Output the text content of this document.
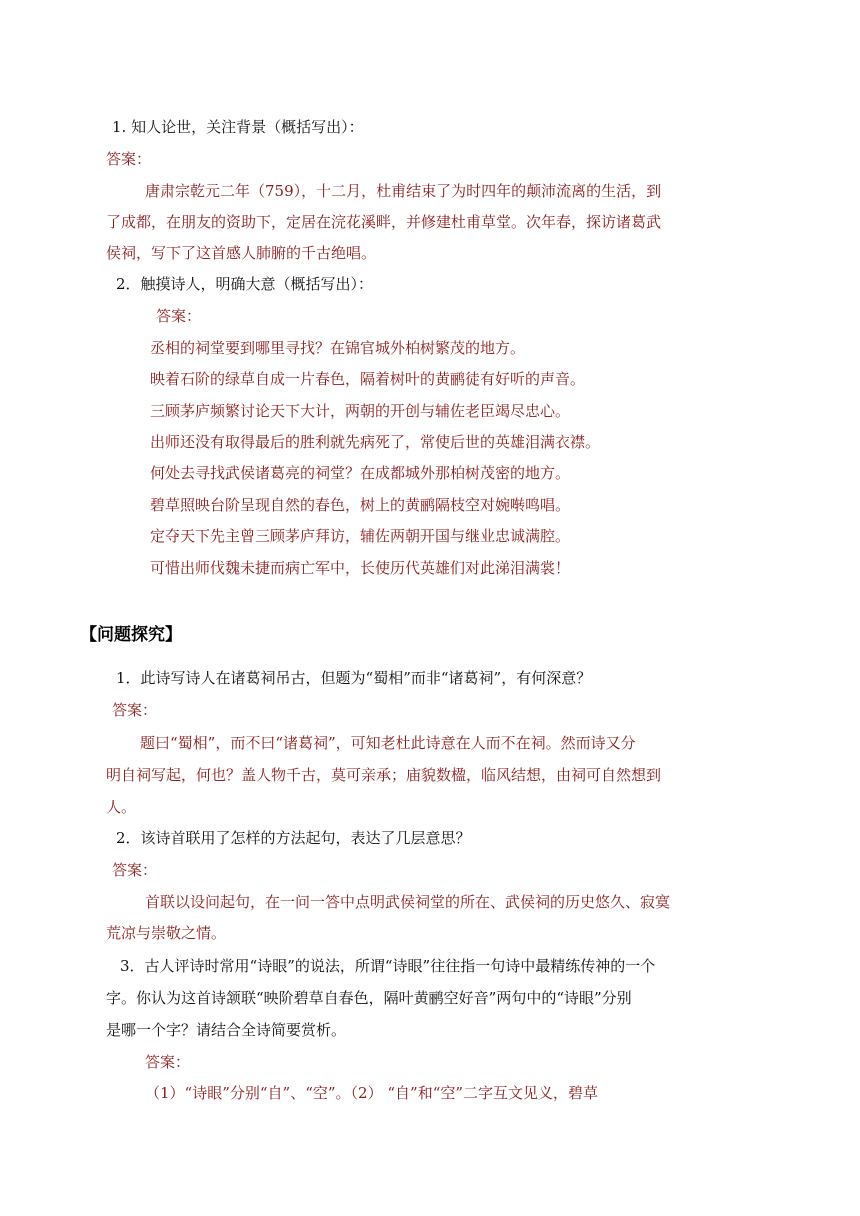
1. 知人论世，关注背景（概括写出）：
答案：
唐肃宗乾元二年（759），十二月，杜甫结束了为时四年的颠沛流离的生活，到
了成都，在朋友的资助下，定居在浣花溪畔，并修建杜甫草堂。次年春，探访诸葛武
侯祠，写下了这首感人肺腑的千古绝唱。
2．触摸诗人，明确大意（概括写出）：
答案：
丞相的祠堂要到哪里寻找？在锦官城外柏树繁茂的地方。
映着石阶的绿草自成一片春色，隔着树叶的黄鹂徒有好听的声音。
三顾茅庐频繁讨论天下大计，两朝的开创与辅佐老臣竭尽忠心。
出师还没有取得最后的胜利就先病死了，常使后世的英雄泪满衣襟。
何处去寻找武侯诸葛亮的祠堂？在成都城外那柏树茂密的地方。
碧草照映台阶呈现自然的春色，树上的黄鹂隔枝空对婉啭鸣唱。
定夺天下先主曾三顾茅庐拜访，辅佐两朝开国与继业忠诚满腔。
可惜出师伐魏未捷而病亡军中，长使历代英雄们对此涕泪满裳！
【问题探究】
1．此诗写诗人在诸葛祠吊古，但题为“蜀相”而非“诸葛祠”，有何深意？
答案：
题曰“蜀相”，而不曰“诸葛祠”，可知老杜此诗意在人而不在祠。然而诗又分
明自祠写起，何也？盖人物千古，莫可亲承；庙貌数楹，临风结想，由祠可自然想到
人。
2．该诗首联用了怎样的方法起句，表达了几层意思？
答案：
首联以设问起句，在一问一答中点明武侯祠堂的所在、武侯祠的历史悠久、寂寞
荒凉与崇敬之情。
3．古人评诗时常用“诗眼”的说法，所谓“诗眼”往往指一句诗中最精练传神的一个
字。你认为这首诗颔联“映阶碧草自春色，隔叶黄鹂空好音”两句中的“诗眼”分别
是哪一个字？请结合全诗简要赏析。
答案：
（1）“诗眼”分别“自”、“空”。（2） “自”和“空”二字互文见义，碧草
